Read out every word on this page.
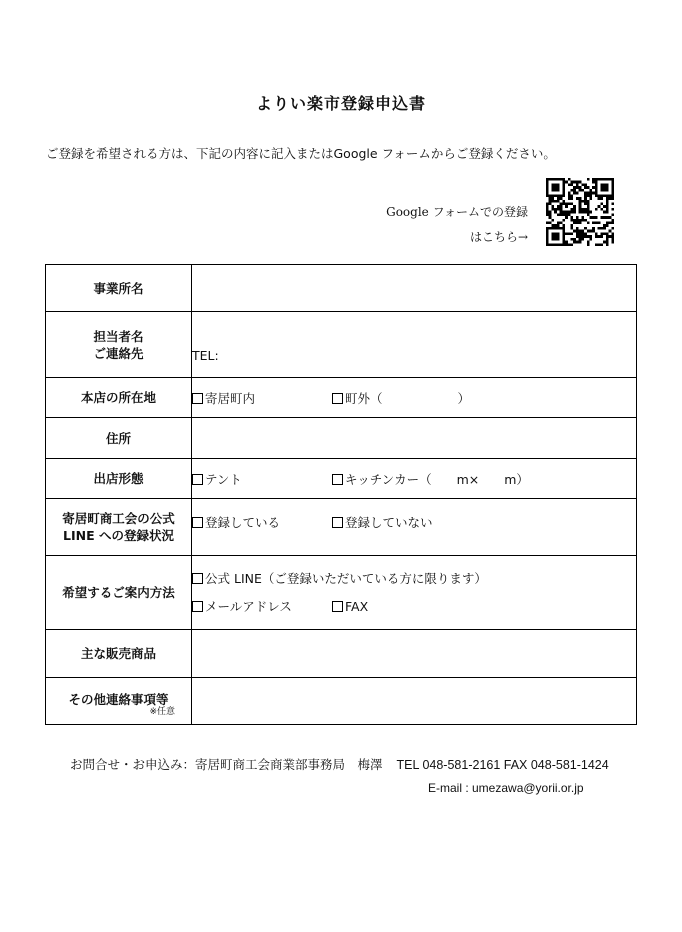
よりい楽市登録申込書
ご登録を希望される方は、下記の内容に記入またはGoogle フォームからご登録ください。
Google フォームでの登録
はこちら→
事業所名	

担当者名
ご連絡先	TEL:

本店の所在地	寄居町内 町外（　　　　　　）
住所	
出店形態	テント キッチンカー（　　m×　　m）

寄居町商工会の公式
LINE への登録状況	登録している 登録していない
希望するご案内方法	公式 LINE（ご登録いただいている方に限ります）
メールアドレス FAX

主な販売商品	

その他連絡事項等
※任意	

お問合せ・お申込み：寄居町商工会商業部事務局　梅澤 TEL 048-581-2161 FAX 048-581-1424
E-mail : umezawa@yorii.or.jp
